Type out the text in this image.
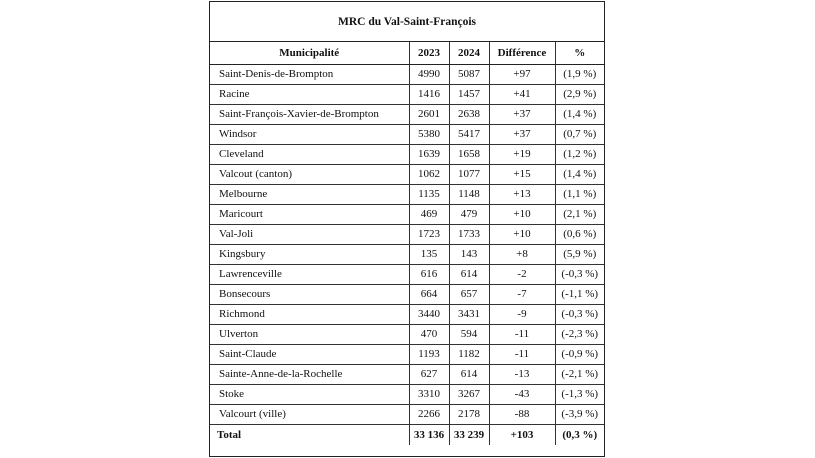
MRC du Val-Saint-François
Municipalité	2023	2024	Différence	%
Saint-Denis-de-Brompton	4990	5087	+97	(1,9 %)
Racine	1416	1457	+41	(2,9 %)
Saint-François-Xavier-de-Brompton	2601	2638	+37	(1,4 %)
Windsor	5380	5417	+37	(0,7 %)
Cleveland	1639	1658	+19	(1,2 %)
Valcout (canton)	1062	1077	+15	(1,4 %)
Melbourne	1135	1148	+13	(1,1 %)
Maricourt	469	479	+10	(2,1 %)
Val-Joli	1723	1733	+10	(0,6 %)
Kingsbury	135	143	+8	(5,9 %)
Lawrenceville	616	614	-2	(-0,3 %)
Bonsecours	664	657	-7	(-1,1 %)
Richmond	3440	3431	-9	(-0,3 %)
Ulverton	470	594	-11	(-2,3 %)
Saint-Claude	1193	1182	-11	(-0,9 %)
Sainte-Anne-de-la-Rochelle	627	614	-13	(-2,1 %)
Stoke	3310	3267	-43	(-1,3 %)
Valcourt (ville)	2266	2178	-88	(-3,9 %)
Total	33 136	33 239	+103	(0,3 %)
